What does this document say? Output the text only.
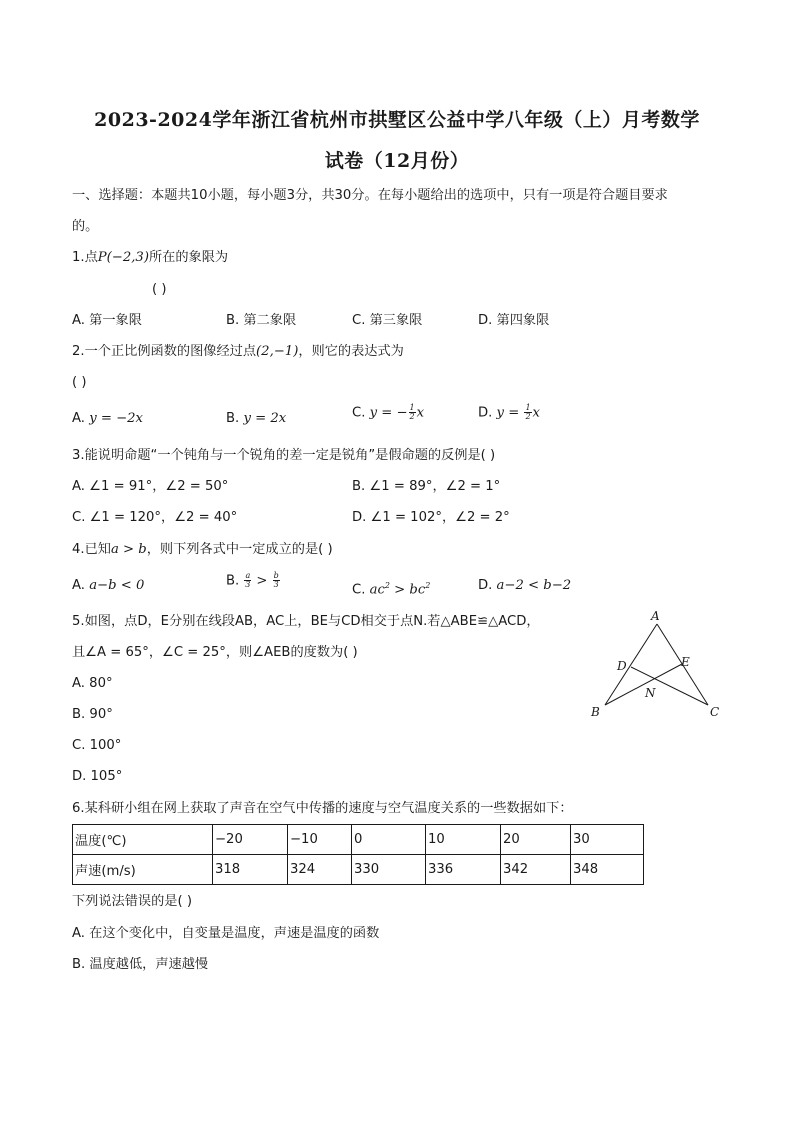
2023-2024学年浙江省杭州市拱墅区公益中学八年级（上）月考数学
试卷（12月份）
一、选择题：本题共10小题，每小题3分，共30分。在每小题给出的选项中，只有一项是符合题目要求
的。
1.点P(−2,3)所在的象限为
( )
A. 第一象限	B. 第二象限	C. 第三象限	D. 第四象限
2.一个正比例函数的图像经过点(2,−1)，则它的表达式为
( )
A. y = −2x	B. y = 2x	C. y = − $\frac{1}{2}$ x	D. $y = \frac{1}{2}$ x
3.能说明命题“一个钝角与一个锐角的差一定是锐角”是假命题的反例是( )
A. ∠1 = 91°，∠2 = 50°	B. ∠1 = 89°，∠2 = 1°
C. ∠1 = 120°，∠2 = 40°	D. ∠1 = 102°，∠2 = 2°
4.已知a > b，则下列各式中一定成立的是( )
A. a−b < 0	B. $\frac{a}{3} > \frac{b}{3}$
C. $ac^2 > bc^2$	D. a−2 < b−2
5.如图，点D，E分别在线段AB，AC上，BE与CD相交于点N.若△ABE≌△ACD，
且∠A = 65°，∠C = 25°，则∠AEB的度数为( )
A. 80°
B. 90°
C. 100°
D. 105°
A
B	C
D	E
N
6.某科研小组在网上获取了声音在空气中传播的速度与空气温度关系的一些数据如下：
温度(℃)	−20	−10	0	10	20	30
声速(m/s)	318	324	330	336	342	348
下列说法错误的是( )
A. 在这个变化中，自变量是温度，声速是温度的函数
B. 温度越低，声速越慢
